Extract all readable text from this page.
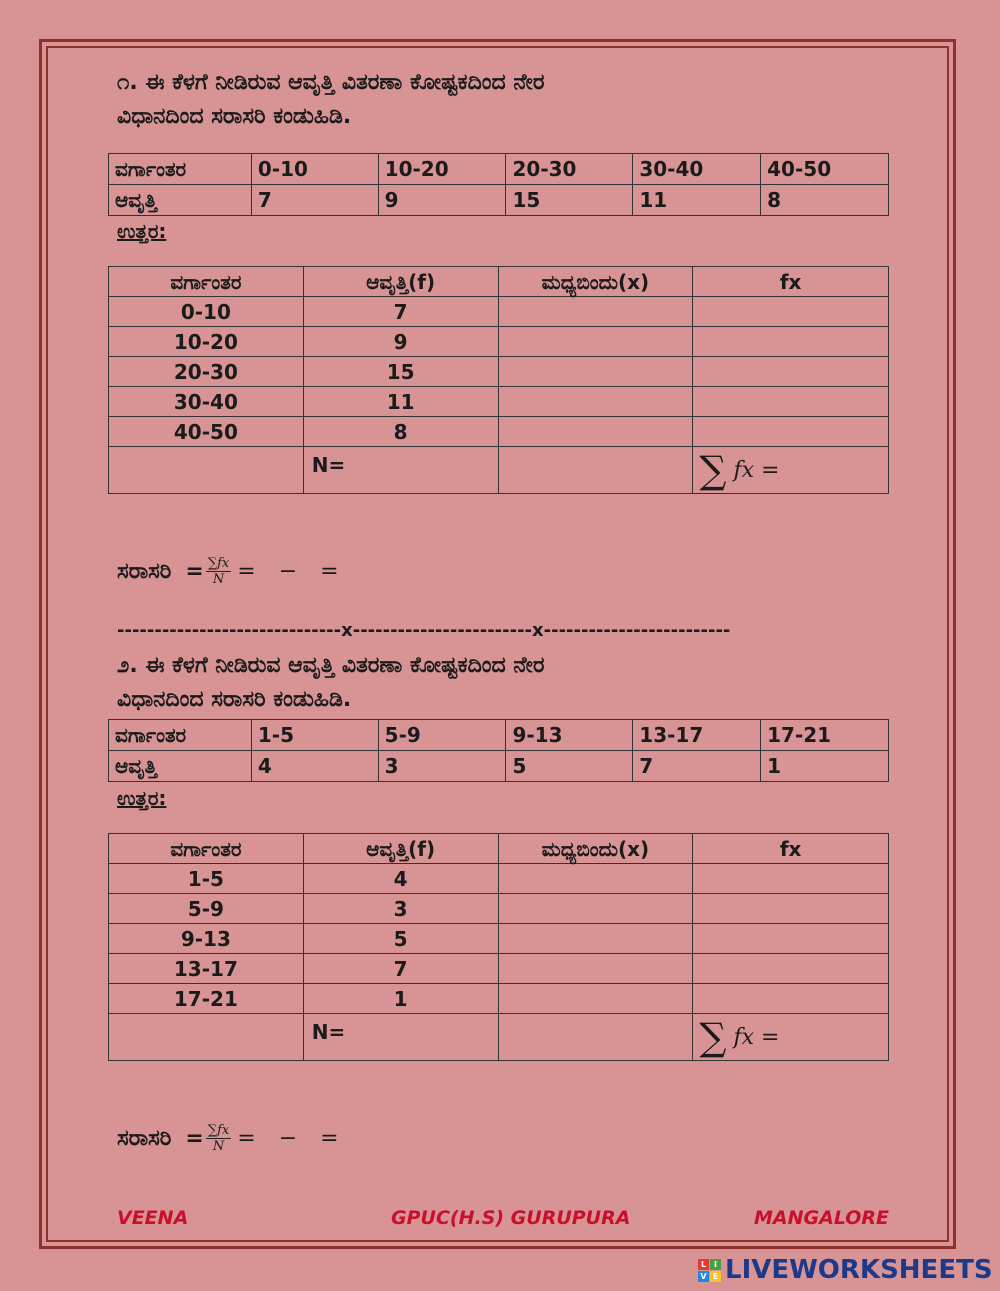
೧. ಈ ಕೆಳಗೆ ನೀಡಿರುವ ಆವೃತ್ತಿ ವಿತರಣಾ ಕೋಷ್ಟಕದಿಂದ ನೇರ
ವಿಧಾನದಿಂದ ಸರಾಸರಿ ಕಂಡುಹಿಡಿ.
ವರ್ಗಾಂತರ	0-10	10-20	20-30	30-40	40-50
ಆವೃತ್ತಿ	7	9	15	11	8
ಉತ್ತರ:
ವರ್ಗಾಂತರ	ಆವೃತ್ತಿ(f)	ಮಧ್ಯಬಿಂದು(x)	fx
0-10	7		
10-20	9		
20-30	15		
30-40	11		
40-50	8		
	N=		∑ fx =
ಸರಾಸರಿ = $\frac{\sum fx}{N}$ = − =
------------------------------x------------------------x-------------------------
೨. ಈ ಕೆಳಗೆ ನೀಡಿರುವ ಆವೃತ್ತಿ ವಿತರಣಾ ಕೋಷ್ಟಕದಿಂದ ನೇರ
ವಿಧಾನದಿಂದ ಸರಾಸರಿ ಕಂಡುಹಿಡಿ.
ವರ್ಗಾಂತರ	1-5	5-9	9-13	13-17	17-21
ಆವೃತ್ತಿ	4	3	5	7	1
ಉತ್ತರ:
ವರ್ಗಾಂತರ	ಆವೃತ್ತಿ(f)	ಮಧ್ಯಬಿಂದು(x)	fx
1-5	4		
5-9	3		
9-13	5		
13-17	7		
17-21	1		
	N=		∑ fx =
ಸರಾಸರಿ = $\frac{\sum fx}{N}$ = − =
VEENA	GPUC(H.S) GURUPURA	MANGALORE
L I
V E LIVEWORKSHEETS
